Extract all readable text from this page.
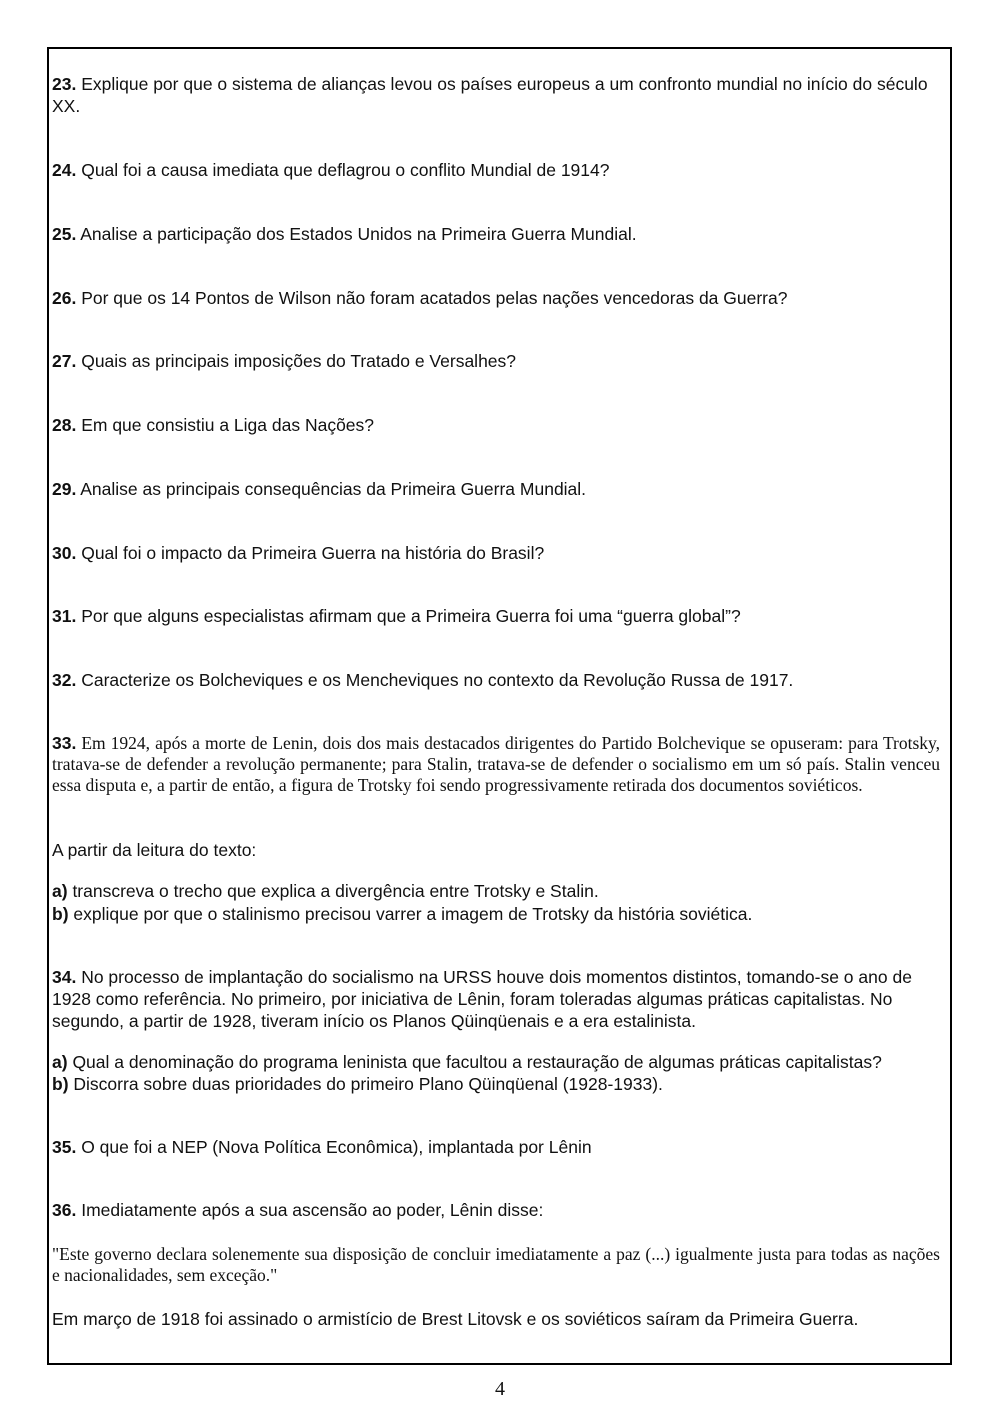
23. Explique por que o sistema de alianças levou os países europeus a um confronto mundial no início do século XX.
24. Qual foi a causa imediata que deflagrou o conflito Mundial de 1914?
25. Analise a participação dos Estados Unidos na Primeira Guerra Mundial.
26. Por que os 14 Pontos de Wilson não foram acatados pelas nações vencedoras da Guerra?
27. Quais as principais imposições do Tratado e Versalhes?
28. Em que consistiu a Liga das Nações?
29. Analise as principais consequências da Primeira Guerra Mundial.
30. Qual foi o impacto da Primeira Guerra na história do Brasil?
31. Por que alguns especialistas afirmam que a Primeira Guerra foi uma “guerra global”?
32. Caracterize os Bolcheviques e os Mencheviques no contexto da Revolução Russa de 1917.
33. Em 1924, após a morte de Lenin, dois dos mais destacados dirigentes do Partido Bolchevique se opuseram: para Trotsky, tratava-se de defender a revolução permanente; para Stalin, tratava-se de defender o socialismo em um só país. Stalin venceu essa disputa e, a partir de então, a figura de Trotsky foi sendo progressivamente retirada dos documentos soviéticos.
A partir da leitura do texto:
a) transcreva o trecho que explica a divergência entre Trotsky e Stalin.
b) explique por que o stalinismo precisou varrer a imagem de Trotsky da história soviética.
34. No processo de implantação do socialismo na URSS houve dois momentos distintos, tomando-se o ano de 1928 como referência. No primeiro, por iniciativa de Lênin, foram toleradas algumas práticas capitalistas. No segundo, a partir de 1928, tiveram início os Planos Qüinqüenais e a era estalinista.
a) Qual a denominação do programa leninista que facultou a restauração de algumas práticas capitalistas?
b) Discorra sobre duas prioridades do primeiro Plano Qüinqüenal (1928-1933).
35. O que foi a NEP (Nova Política Econômica), implantada por Lênin
36. Imediatamente após a sua ascensão ao poder, Lênin disse:
"Este governo declara solenemente sua disposição de concluir imediatamente a paz (...) igualmente justa para todas as nações e nacionalidades, sem exceção."
Em março de 1918 foi assinado o armistício de Brest Litovsk e os soviéticos saíram da Primeira Guerra.
4
